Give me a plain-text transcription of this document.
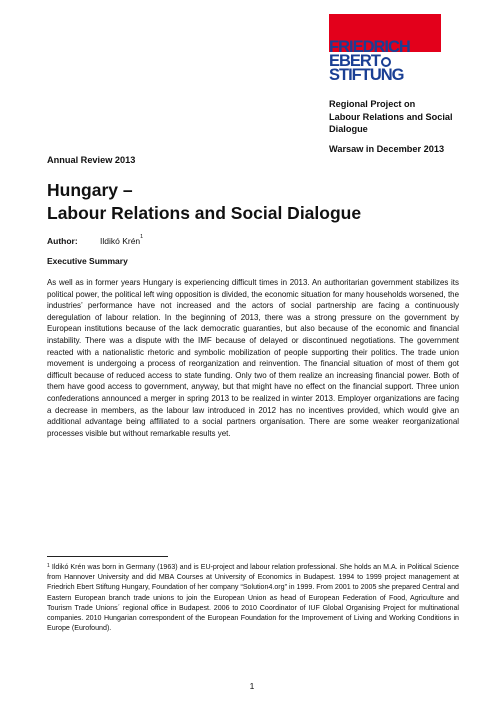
FRIEDRICH
EBERT
STIFTUNG
Regional Project on
Labour Relations and Social
Dialogue
Warsaw in December 2013
Annual Review 2013
Hungary –
Labour Relations and Social Dialogue
Author:	Ildikó Krén$^1$
Executive Summary
As well as in former years Hungary is experiencing difficult times in 2013. An authoritarian government stabilizes its political power, the political left wing opposition is divided, the economic situation for many households worsened, the industries’ performance have not increased and the actors of social partnership are facing a continuously deregulation of labour relation. In the beginning of 2013, there was a strong pressure on the government by European institutions because of the lack democratic guaranties, but also because of the economic and financial instability. There was a dispute with the IMF because of delayed or discontinued negotiations. The government reacted with a nationalistic rhetoric and symbolic mobilization of people supporting their politics. The trade union movement is undergoing a process of reorganization and reinvention. The financial situation of most of them got difficult because of reduced access to state funding. Only two of them realize an increasing financial power. Both of them have good access to government, anyway, but that might have no effect on the financial support. Three union confederations announced a merger in spring 2013 to be realized in winter 2013. Employer organizations are facing a decrease in members, as the labour law introduced in 2012 has no incentives provided, which would give an additional advantage being affiliated to a social partners organisation. There are some weaker reorganizational processes visible but without remarkable results yet.
$^1$ Ildikó Krén was born in Germany (1963) and is EU-project and labour relation professional. She holds an M.A. in Political Science from Hannover University and did MBA Courses at University of Economics in Budapest. 1994 to 1999 project management at Friedrich Ebert Stiftung Hungary, Foundation of her company “Solution4.org” in 1999. From 2001 to 2005 she prepared Central and Eastern European branch trade unions to join the European Union as head of European Federation of Food, Agriculture and Tourism Trade Unions´ regional office in Budapest. 2006 to 2010 Coordinator of IUF Global Organising Project for multinational companies. 2010 Hungarian correspondent of the European Foundation for the Improvement of Living and Working Conditions in Europe (Eurofound).
1
